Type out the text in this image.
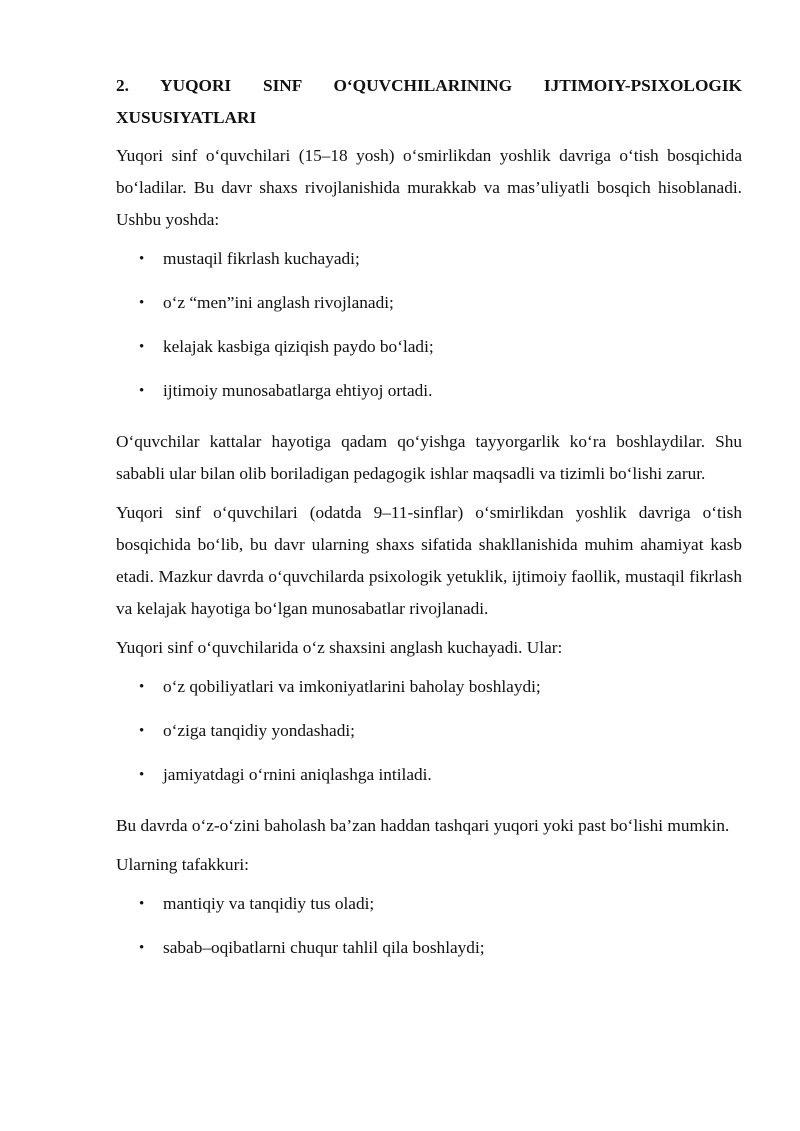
2. YUQORI SINF O‘QUVCHILARINING IJTIMOIY-PSIXOLOGIK
XUSUSIYATLARI

Yuqori sinf o‘quvchilari (15–18 yosh) o‘smirlikdan yoshlik davriga o‘tish bosqichida bo‘ladilar. Bu davr shaxs rivojlanishida murakkab va mas’uliyatli bosqich hisoblanadi. Ushbu yoshda:

• mustaqil fikrlash kuchayadi;
• o‘z “men”ini anglash rivojlanadi;
• kelajak kasbiga qiziqish paydo bo‘ladi;
• ijtimoiy munosabatlarga ehtiyoj ortadi.

O‘quvchilar kattalar hayotiga qadam qo‘yishga tayyorgarlik ko‘ra boshlaydilar. Shu sababli ular bilan olib boriladigan pedagogik ishlar maqsadli va tizimli bo‘lishi zarur.

Yuqori sinf o‘quvchilari (odatda 9–11-sinflar) o‘smirlikdan yoshlik davriga o‘tish bosqichida bo‘lib, bu davr ularning shaxs sifatida shakllanishida muhim ahamiyat kasb etadi. Mazkur davrda o‘quvchilarda psixologik yetuklik, ijtimoiy faollik, mustaqil fikrlash va kelajak hayotiga bo‘lgan munosabatlar rivojlanadi.

Yuqori sinf o‘quvchilarida o‘z shaxsini anglash kuchayadi. Ular:

• o‘z qobiliyatlari va imkoniyatlarini baholay boshlaydi;
• o‘ziga tanqidiy yondashadi;
• jamiyatdagi o‘rnini aniqlashga intiladi.

Bu davrda o‘z-o‘zini baholash ba’zan haddan tashqari yuqori yoki past bo‘lishi mumkin.

Ularning tafakkuri:

• mantiqiy va tanqidiy tus oladi;
• sabab–oqibatlarni chuqur tahlil qila boshlaydi;
